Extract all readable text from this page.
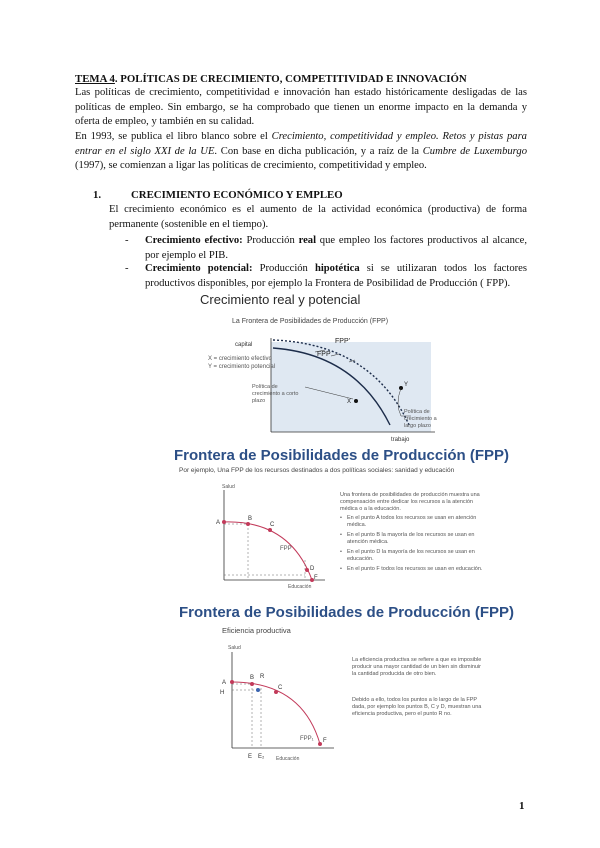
TEMA 4. POLÍTICAS DE CRECIMIENTO, COMPETITIVIDAD E INNOVACIÓN
Las políticas de crecimiento, competitividad e innovación han estado históricamente desligadas de las políticas de empleo. Sin embargo, se ha comprobado que tienen un enorme impacto en la demanda y oferta de empleo, y también en su calidad.
En 1993, se publica el libro blanco sobre el Crecimiento, competitividad y empleo. Retos y pistas para entrar en el siglo XXI de la UE. Con base en dicha publicación, y a raíz de la Cumbre de Luxemburgo (1997), se comienzan a ligar las políticas de crecimiento, competitividad y empleo.
1.	CRECIMIENTO ECONÓMICO Y EMPLEO
El crecimiento económico es el aumento de la actividad económica (productiva) de forma permanente (sostenible en el tiempo).
- Crecimiento efectivo: Producción real que empleo los factores productivos al alcance, por ejemplo el PIB.
- Crecimiento potencial: Producción hipotética si se utilizaran todos los factores productivos disponibles, por ejemplo la Frontera de Posibilidad de Producción ( FPP).
Crecimiento real y potencial
La Frontera de Posibilidades de Producción (FPP)
capital
trabajo
FPP'
FPP
X
Y
X = crecimiento efectivo
Y = crecimiento potencial
Política de crecimiento a corto plazo
Política de crecimiento a largo plazo
Frontera de Posibilidades de Producción (FPP)
Por ejemplo, Una FPP de los recursos destinados a dos políticas sociales: sanidad y educación
A
B
C
D
F
FPP
Salud
Educación
Una frontera de posibilidades de producción muestra una compensación entre dedicar los recursos a la atención médica o a la educación.
• En el punto A todos los recursos se usan en atención médica.
• En el punto B la mayoría de los recursos se usan en atención médica.
• En el punto D la mayoría de los recursos se usan en educación.
• En el punto F todos los recursos se usan en educación.
Frontera de Posibilidades de Producción (FPP)
Eficiencia productiva
A
B
C
R
H
E E₂
FPP₁ F
Salud
Educación
La eficiencia productiva se refiere a que es imposible producir una mayor cantidad de un bien sin disminuir la cantidad producida de otro bien.
Debido a ello, todos los puntos a lo largo de la FPP dada, por ejemplo los puntos B, C y D, muestran una eficiencia productiva, pero el punto R no.
1
